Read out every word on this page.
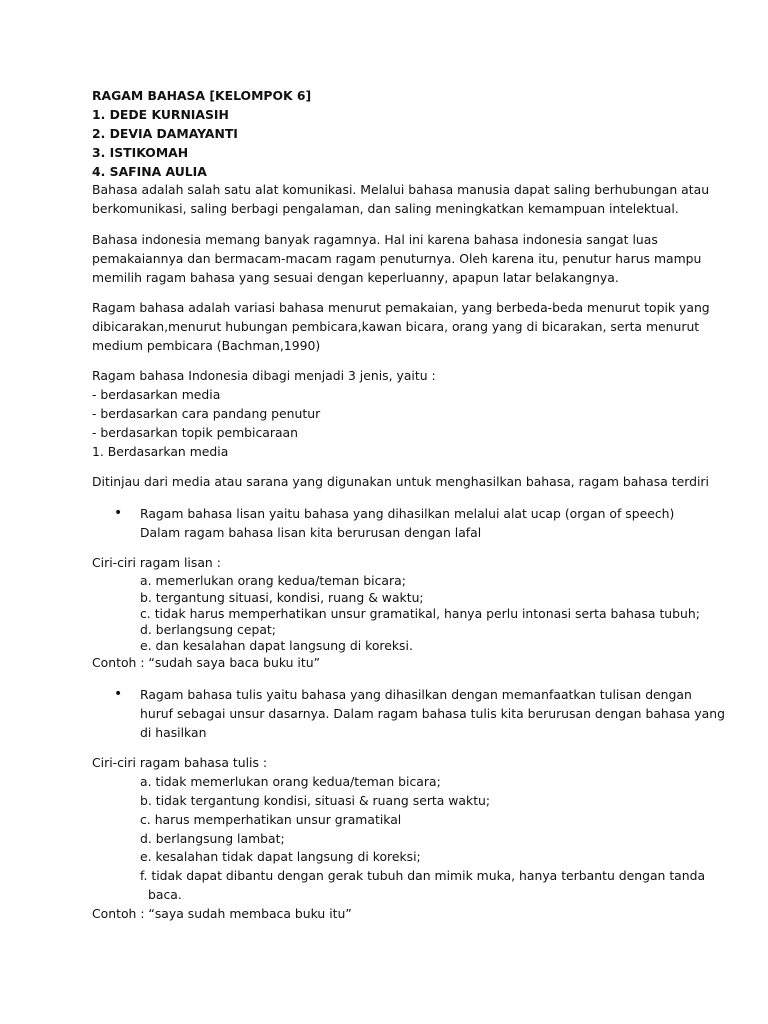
RAGAM BAHASA [KELOMPOK 6]
1. DEDE KURNIASIH
2. DEVIA DAMAYANTI
3. ISTIKOMAH
4. SAFINA AULIA
Bahasa adalah salah satu alat komunikasi. Melalui bahasa manusia dapat saling berhubungan atau
berkomunikasi, saling berbagi pengalaman, dan saling meningkatkan kemampuan intelektual.
Bahasa indonesia memang banyak ragamnya. Hal ini karena bahasa indonesia sangat luas
pemakaiannya dan bermacam-macam ragam penuturnya. Oleh karena itu, penutur harus mampu
memilih ragam bahasa yang sesuai dengan keperluanny, apapun latar belakangnya.
Ragam bahasa adalah variasi bahasa menurut pemakaian, yang berbeda-beda menurut topik yang
dibicarakan,menurut hubungan pembicara,kawan bicara, orang yang di bicarakan, serta menurut
medium pembicara (Bachman,1990)
Ragam bahasa Indonesia dibagi menjadi 3 jenis, yaitu :
- berdasarkan media
- berdasarkan cara pandang penutur
- berdasarkan topik pembicaraan
1. Berdasarkan media
Ditinjau dari media atau sarana yang digunakan untuk menghasilkan bahasa, ragam bahasa terdiri
• Ragam bahasa lisan yaitu bahasa yang dihasilkan melalui alat ucap (organ of speech)
Dalam ragam bahasa lisan kita berurusan dengan lafal
Ciri-ciri ragam lisan :
a. memerlukan orang kedua/teman bicara;
b. tergantung situasi, kondisi, ruang & waktu;
c. tidak harus memperhatikan unsur gramatikal, hanya perlu intonasi serta bahasa tubuh;
d. berlangsung cepat;
e. dan kesalahan dapat langsung di koreksi.
Contoh : “sudah saya baca buku itu”
• Ragam bahasa tulis yaitu bahasa yang dihasilkan dengan memanfaatkan tulisan dengan
huruf sebagai unsur dasarnya. Dalam ragam bahasa tulis kita berurusan dengan bahasa yang
di hasilkan
Ciri-ciri ragam bahasa tulis :
a. tidak memerlukan orang kedua/teman bicara;
b. tidak tergantung kondisi, situasi & ruang serta waktu;
c. harus memperhatikan unsur gramatikal
d. berlangsung lambat;
e. kesalahan tidak dapat langsung di koreksi;
f. tidak dapat dibantu dengan gerak tubuh dan mimik muka, hanya terbantu dengan tanda
baca.
Contoh : “saya sudah membaca buku itu”
